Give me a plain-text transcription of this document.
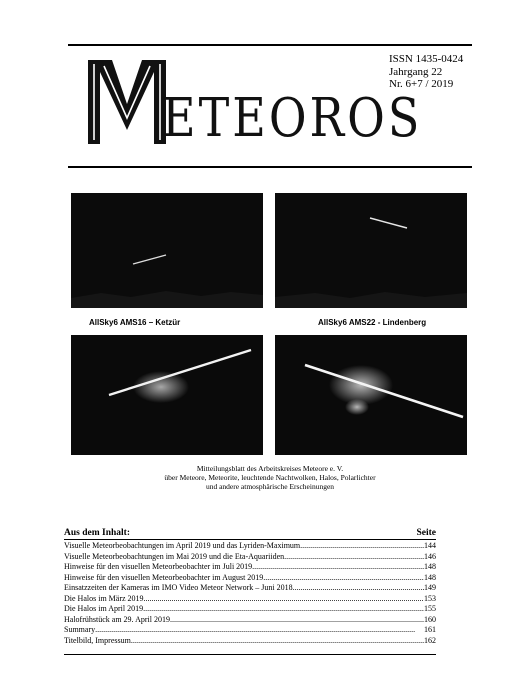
ETEOROS
ISSN 1435-0424
Jahrgang 22
Nr. 6+7 / 2019
AllSky6 AMS16 – Ketzür	AllSky6 AMS22 - Lindenberg
Mitteilungsblatt des Arbeitskreises Meteore e. V.
über Meteore, Meteorite, leuchtende Nachtwolken, Halos, Polarlichter
und andere atmosphärische Erscheinungen
Aus dem Inhalt:	Seite
Visuelle Meteorbeobachtungen im April 2019 und das Lyriden-Maximum .....	144
Visuelle Meteorbeobachtungen im Mai 2019 und die Eta-Aquariiden .....	146
Hinweise für den visuellen Meteorbeobachter im Juli 2019 .....	148
Hinweise für den visuellen Meteorbeobachter im August 2019 .....	148
Einsatzzeiten der Kameras im IMO Video Meteor Network – Juni 2018 .....	149
Die Halos im März 2019 .....	153
Die Halos im April 2019 .....	155
Halofrühstück am 29. April 2019 .....	160
Summary .....	161
Titelbild, Impressum .....	162
